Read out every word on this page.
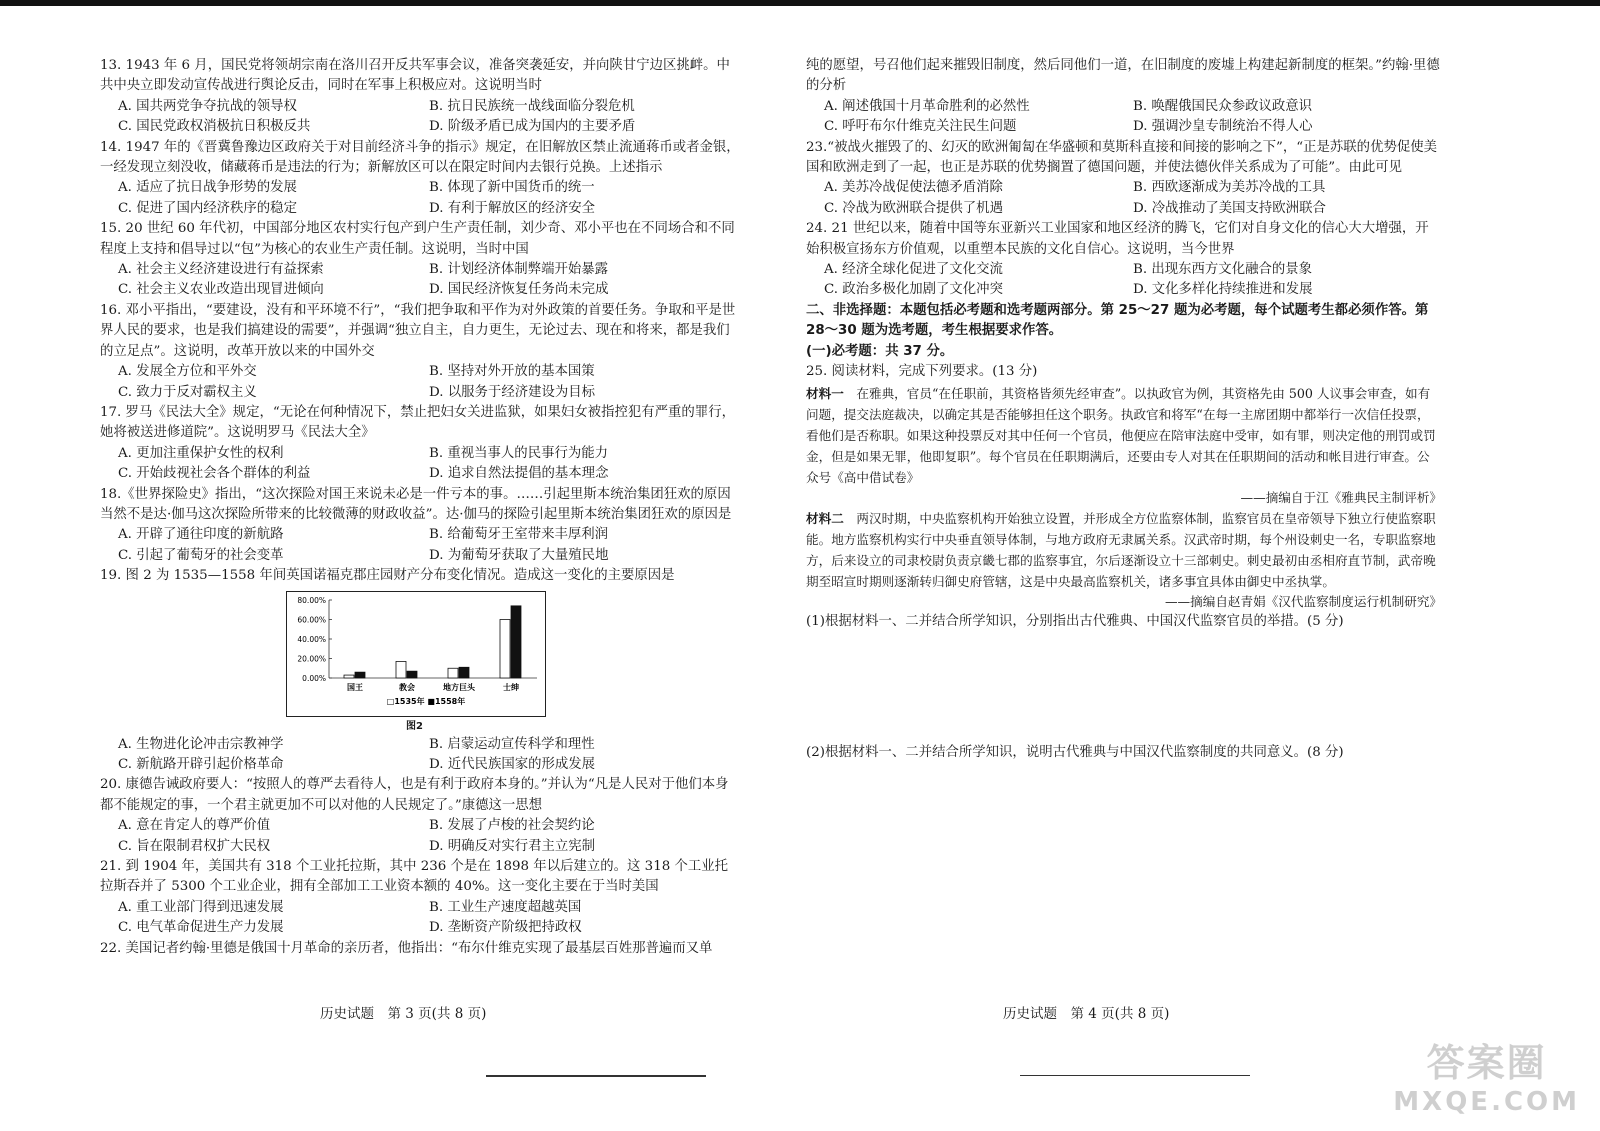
13. 1943 年 6 月，国民党将领胡宗南在洛川召开反共军事会议，准备突袭延安，并向陕甘宁边区挑衅。中共中央立即发动宣传战进行舆论反击，同时在军事上积极应对。这说明当时

A. 国共两党争夺抗战的领导权	B. 抗日民族统一战线面临分裂危机
C. 国民党政权消极抗日积极反共	D. 阶级矛盾已成为国内的主要矛盾

14. 1947 年的《晋冀鲁豫边区政府关于对目前经济斗争的指示》规定，在旧解放区禁止流通蒋币或者金银，一经发现立刻没收，储藏蒋币是违法的行为；新解放区可以在限定时间内去银行兑换。上述指示

A. 适应了抗日战争形势的发展	B. 体现了新中国货币的统一
C. 促进了国内经济秩序的稳定	D. 有利于解放区的经济安全

15. 20 世纪 60 年代初，中国部分地区农村实行包产到户生产责任制，刘少奇、邓小平也在不同场合和不同程度上支持和倡导过以“包”为核心的农业生产责任制。这说明，当时中国

A. 社会主义经济建设进行有益探索	B. 计划经济体制弊端开始暴露
C. 社会主义农业改造出现冒进倾向	D. 国民经济恢复任务尚未完成

16. 邓小平指出，“要建设，没有和平环境不行”，“我们把争取和平作为对外政策的首要任务。争取和平是世界人民的要求，也是我们搞建设的需要”，并强调“独立自主，自力更生，无论过去、现在和将来，都是我们的立足点”。这说明，改革开放以来的中国外交

A. 发展全方位和平外交	B. 坚持对外开放的基本国策
C. 致力于反对霸权主义	D. 以服务于经济建设为目标

17. 罗马《民法大全》规定，“无论在何种情况下，禁止把妇女关进监狱，如果妇女被指控犯有严重的罪行，她将被送进修道院”。这说明罗马《民法大全》

A. 更加注重保护女性的权利	B. 重视当事人的民事行为能力
C. 开始歧视社会各个群体的利益	D. 追求自然法提倡的基本理念

18.《世界探险史》指出，“这次探险对国王来说未必是一件亏本的事。……引起里斯本统治集团狂欢的原因当然不是达·伽马这次探险所带来的比较微薄的财政收益”。达·伽马的探险引起里斯本统治集团狂欢的原因是

A. 开辟了通往印度的新航路	B. 给葡萄牙王室带来丰厚利润
C. 引起了葡萄牙的社会变革	D. 为葡萄牙获取了大量殖民地

19. 图 2 为 1535—1558 年间英国诺福克郡庄园财产分布变化情况。造成这一变化的主要原因是

0.00%
20.00%
40.00%
60.00%
80.00%
国王	教会	地方巨头	士绅
□1535年 ■1558年
图2
A. 生物进化论冲击宗教神学	B. 启蒙运动宣传科学和理性
C. 新航路开辟引起价格革命	D. 近代民族国家的形成发展

20. 康德告诫政府要人：“按照人的尊严去看待人，也是有利于政府本身的。”并认为“凡是人民对于他们本身都不能规定的事，一个君主就更加不可以对他的人民规定了。”康德这一思想

A. 意在肯定人的尊严价值	B. 发展了卢梭的社会契约论
C. 旨在限制君权扩大民权	D. 明确反对实行君主立宪制

21. 到 1904 年，美国共有 318 个工业托拉斯，其中 236 个是在 1898 年以后建立的。这 318 个工业托拉斯吞并了 5300 个工业企业，拥有全部加工工业资本额的 40%。这一变化主要在于当时美国

A. 重工业部门得到迅速发展	B. 工业生产速度超越英国
C. 电气革命促进生产力发展	D. 垄断资产阶级把持政权

22. 美国记者约翰·里德是俄国十月革命的亲历者，他指出：“布尔什维克实现了最基层百姓那普遍而又单

历史试题　第 3 页(共 8 页)

纯的愿望，号召他们起来摧毁旧制度，然后同他们一道，在旧制度的废墟上构建起新制度的框架。”约翰·里德的分析

A. 阐述俄国十月革命胜利的必然性	B. 唤醒俄国民众参政议政意识
C. 呼吁布尔什维克关注民生问题	D. 强调沙皇专制统治不得人心

23.“被战火摧毁了的、幻灭的欧洲匍匐在华盛顿和莫斯科直接和间接的影响之下”，“正是苏联的优势促使美国和欧洲走到了一起，也正是苏联的优势搁置了德国问题，并使法德伙伴关系成为了可能”。由此可见

A. 美苏冷战促使法德矛盾消除	B. 西欧逐渐成为美苏冷战的工具
C. 冷战为欧洲联合提供了机遇	D. 冷战推动了美国支持欧洲联合

24. 21 世纪以来，随着中国等东亚新兴工业国家和地区经济的腾飞，它们对自身文化的信心大大增强，开始积极宣扬东方价值观，以重塑本民族的文化自信心。这说明，当今世界

A. 经济全球化促进了文化交流	B. 出现东西方文化融合的景象
C. 政治多极化加剧了文化冲突	D. 文化多样化持续推进和发展

二、非选择题：本题包括必考题和选考题两部分。第 25～27 题为必考题，每个试题考生都必须作答。第 28～30 题为选考题，考生根据要求作答。

(一)必考题：共 37 分。

25. 阅读材料，完成下列要求。(13 分)

材料一　 在雅典，官员“在任职前，其资格皆须先经审查”。以执政官为例，其资格先由 500 人议事会审查，如有问题，提交法庭裁决，以确定其是否能够担任这个职务。执政官和将军“在每一主席团期中都举行一次信任投票，看他们是否称职。如果这种投票反对其中任何一个官员，他便应在陪审法庭中受审，如有罪，则决定他的刑罚或罚金，但是如果无罪，他即复职”。每个官员在任职期满后，还要由专人对其在任职期间的活动和帐目进行审查。公众号《高中借试卷》

——摘编自于江《雅典民主制评析》

材料二　 两汉时期，中央监察机构开始独立设置，并形成全方位监察体制，监察官员在皇帝领导下独立行使监察职能。地方监察机构实行中央垂直领导体制，与地方政府无隶属关系。汉武帝时期，每个州设刺史一名，专职监察地方，后来设立的司隶校尉负责京畿七郡的监察事宜，尔后逐渐设立十三部刺史。刺史最初由丞相府直节制，武帝晚期至昭宣时期则逐渐转归御史府管辖，这是中央最高监察机关，诸多事宜具体由御史中丞执掌。

——摘编自赵青娟《汉代监察制度运行机制研究》

(1)根据材料一、二并结合所学知识，分别指出古代雅典、中国汉代监察官员的举措。(5 分)

(2)根据材料一、二并结合所学知识，说明古代雅典与中国汉代监察制度的共同意义。(8 分)

历史试题　第 4 页(共 8 页)
答案圈
MXQE.COM
